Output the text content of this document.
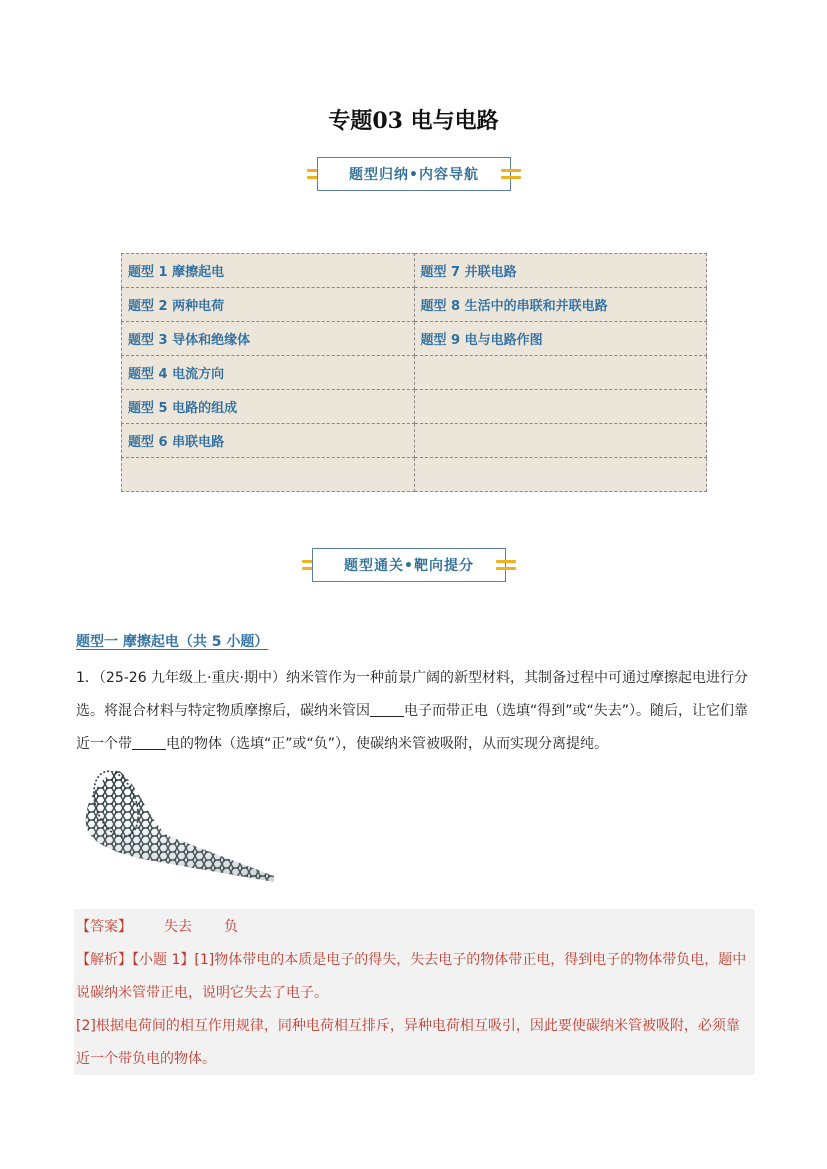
专题03 电与电路
题型归纳•内容导航
题型 1 摩擦起电	题型 7 并联电路
题型 2 两种电荷	题型 8 生活中的串联和并联电路
题型 3 导体和绝缘体	题型 9 电与电路作图
题型 4 电流方向	
题型 5 电路的组成	
题型 6 串联电路	

题型通关•靶向提分
题型一 摩擦起电（共 5 小题）
1．（25-26 九年级上·重庆·期中）纳米管作为一种前景广阔的新型材料，其制备过程中可通过摩擦起电进行分选。将混合材料与特定物质摩擦后，碳纳米管因 电子而带正电（选填“得到”或“失去”）。随后，让它们靠近一个带 电的物体（选填“正”或“负”），使碳纳米管被吸附，从而实现分离提纯。

【答案】 失去 负

【解析】【小题 1】[1]物体带电的本质是电子的得失，失去电子的物体带正电，得到电子的物体带负电，题中说碳纳米管带正电，说明它失去了电子。

[2]根据电荷间的相互作用规律，同种电荷相互排斥，异种电荷相互吸引，因此要使碳纳米管被吸附，必须靠近一个带负电的物体。
